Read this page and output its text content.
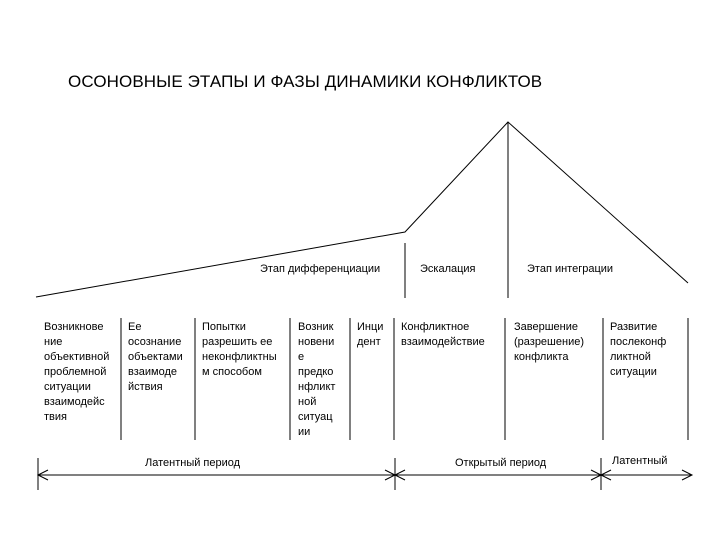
ОСОНОВНЫЕ ЭТАПЫ И ФАЗЫ ДИНАМИКИ КОНФЛИКТОВ
Этап дифференциации	Эскалация	Этап интеграции
Возникнове
ние
объективной
проблемной
ситуации
взаимодейс
твия
Ее
осознание
объектами
взаимоде
йствия
Попытки
разрешить ее
неконфликтны
м способом
Возник
новени
е
предко
нфликт
ной
ситуац
ии
Инци
дент
Конфликтное
взаимодействие
Завершение
(разрешение)
конфликта
Развитие
послеконф
ликтной
ситуации
Латентный период	Открытый период	Латентный
